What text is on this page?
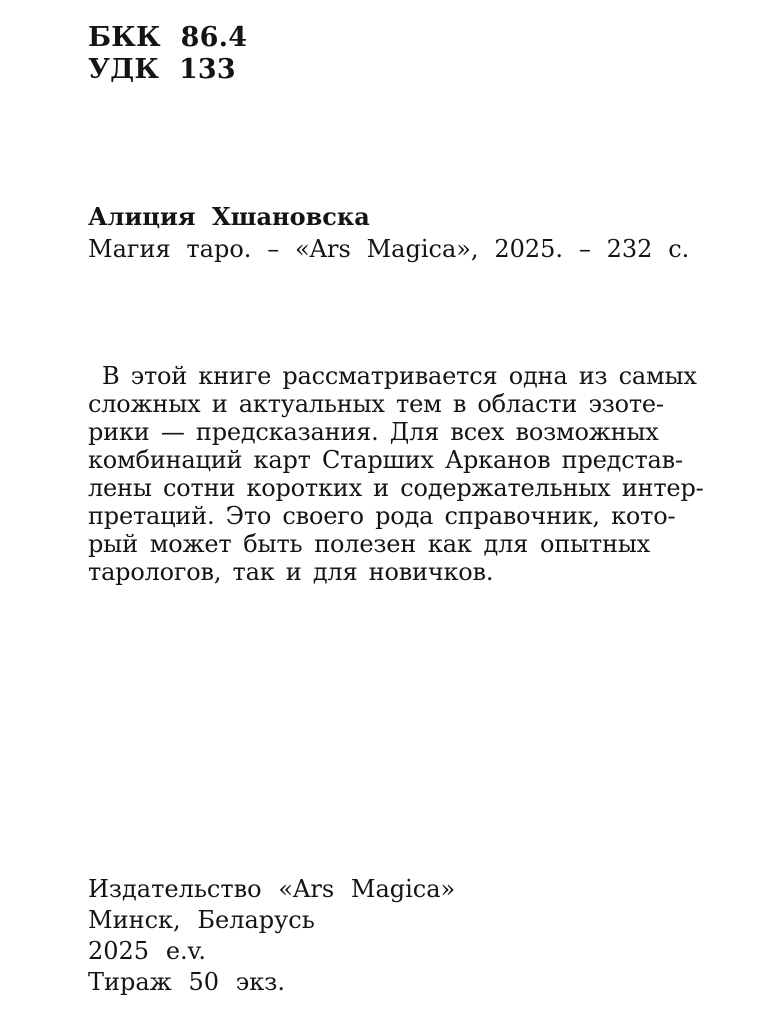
БКК 86.4
УДК 133
Алиция Хшановска
Магия таро. – «Ars Magica», 2025. – 232 с.
В этой книге рассматривается одна из самых
сложных и актуальных тем в области эзоте-
рики — предсказания. Для всех возможных
комбинаций карт Старших Арканов представ-
лены сотни коротких и содержательных интер-
претаций. Это своего рода справочник, кото-
рый может быть полезен как для опытных
тарологов, так и для новичков.
Издательство «Ars Magica»
Минск, Беларусь
2025 e.v.
Тираж 50 экз.
